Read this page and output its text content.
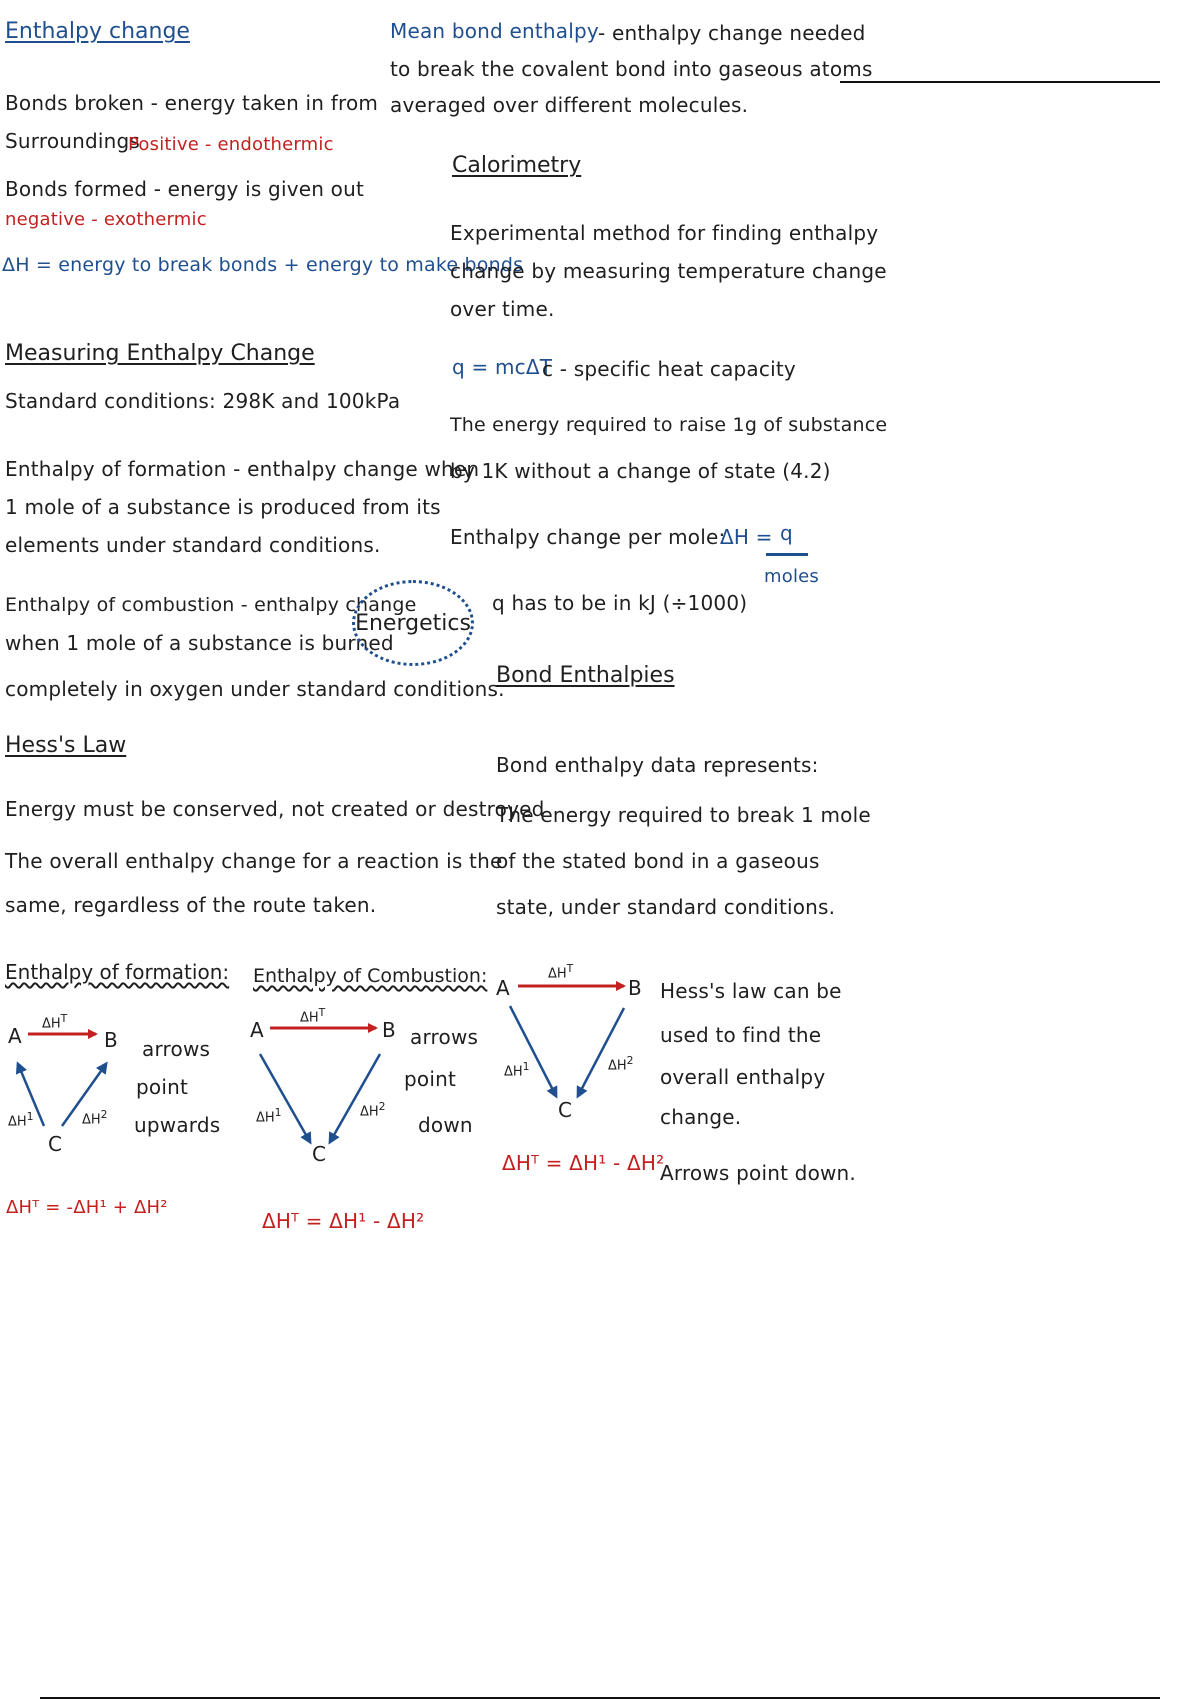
Enthalpy change
Bonds broken - energy taken in from
Surroundings
Positive - endothermic
Bonds formed - energy is given out
negative - exothermic
ΔH = energy to break bonds + energy to make bonds
Mean bond enthalpy - enthalpy change needed
to break the covalent bond into gaseous atoms
averaged over different molecules.
Calorimetry
Experimental method for finding enthalpy
change by measuring temperature change
over time.
q = mcΔT
c - specific heat capacity
The energy required to raise 1g of substance
by 1K without a change of state (4.2)
Enthalpy change per mole:
ΔH = q
moles
q has to be in kJ (÷1000)
Measuring Enthalpy Change
Standard conditions: 298K and 100kPa
Enthalpy of formation - enthalpy change when
1 mole of a substance is produced from its
elements under standard conditions.
Enthalpy of combustion - enthalpy change
when 1 mole of a substance is burned
completely in oxygen under standard conditions.
Energetics
Bond Enthalpies
Bond enthalpy data represents:
The energy required to break 1 mole
of the stated bond in a gaseous
state, under standard conditions.
Hess's Law
Energy must be conserved, not created or destroyed
The overall enthalpy change for a reaction is the
same, regardless of the route taken.
Enthalpy of formation: Enthalpy of Combustion:
A	B
C
$\Delta H^T$
$\Delta H^1$	$\Delta H^2$
arrows
point
upwards
ΔHᵀ = -ΔH¹ + ΔH²
A	B
C
$\Delta H^T$
$\Delta H^1$	$\Delta H^2$
arrows
point
down
ΔHᵀ = ΔH¹ - ΔH²
A	B
C
$\Delta H^T$
$\Delta H^1$	$\Delta H^2$
ΔHᵀ = ΔH¹ - ΔH²
Hess's law can be
used to find the
overall enthalpy
change.
Arrows point down.
